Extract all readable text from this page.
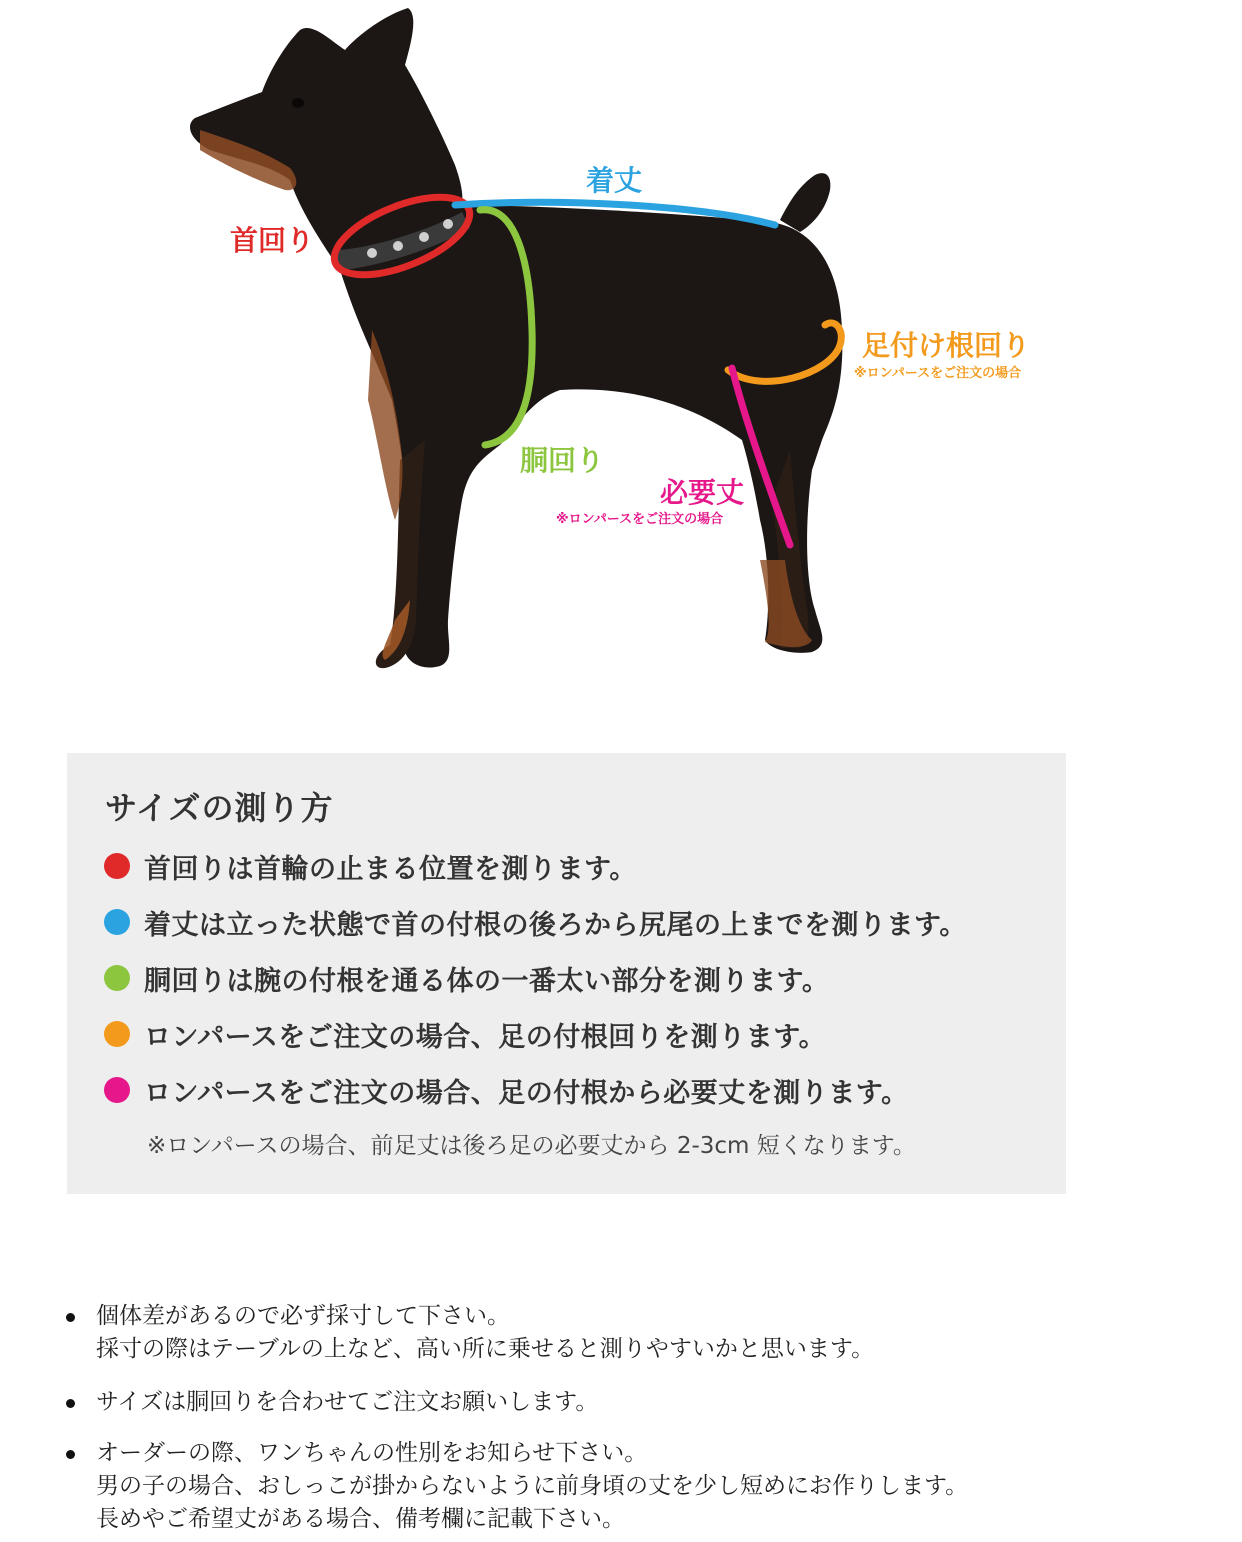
首回り
着丈
足付け根回り
※ロンパースをご注文の場合
胴回り
必要丈
※ロンパースをご注文の場合
サイズの測り方
首回りは首輪の止まる位置を測ります。
着丈は立った状態で首の付根の後ろから尻尾の上までを測ります。
胴回りは腕の付根を通る体の一番太い部分を測ります。
ロンパースをご注文の場合、足の付根回りを測ります。
ロンパースをご注文の場合、足の付根から必要丈を測ります。
※ロンパースの場合、前足丈は後ろ足の必要丈から 2-3cm 短くなります。
個体差があるので必ず採寸して下さい。
採寸の際はテーブルの上など、高い所に乗せると測りやすいかと思います。
サイズは胴回りを合わせてご注文お願いします。
オーダーの際、ワンちゃんの性別をお知らせ下さい。
男の子の場合、おしっこが掛からないように前身頃の丈を少し短めにお作りします。
長めやご希望丈がある場合、備考欄に記載下さい。
